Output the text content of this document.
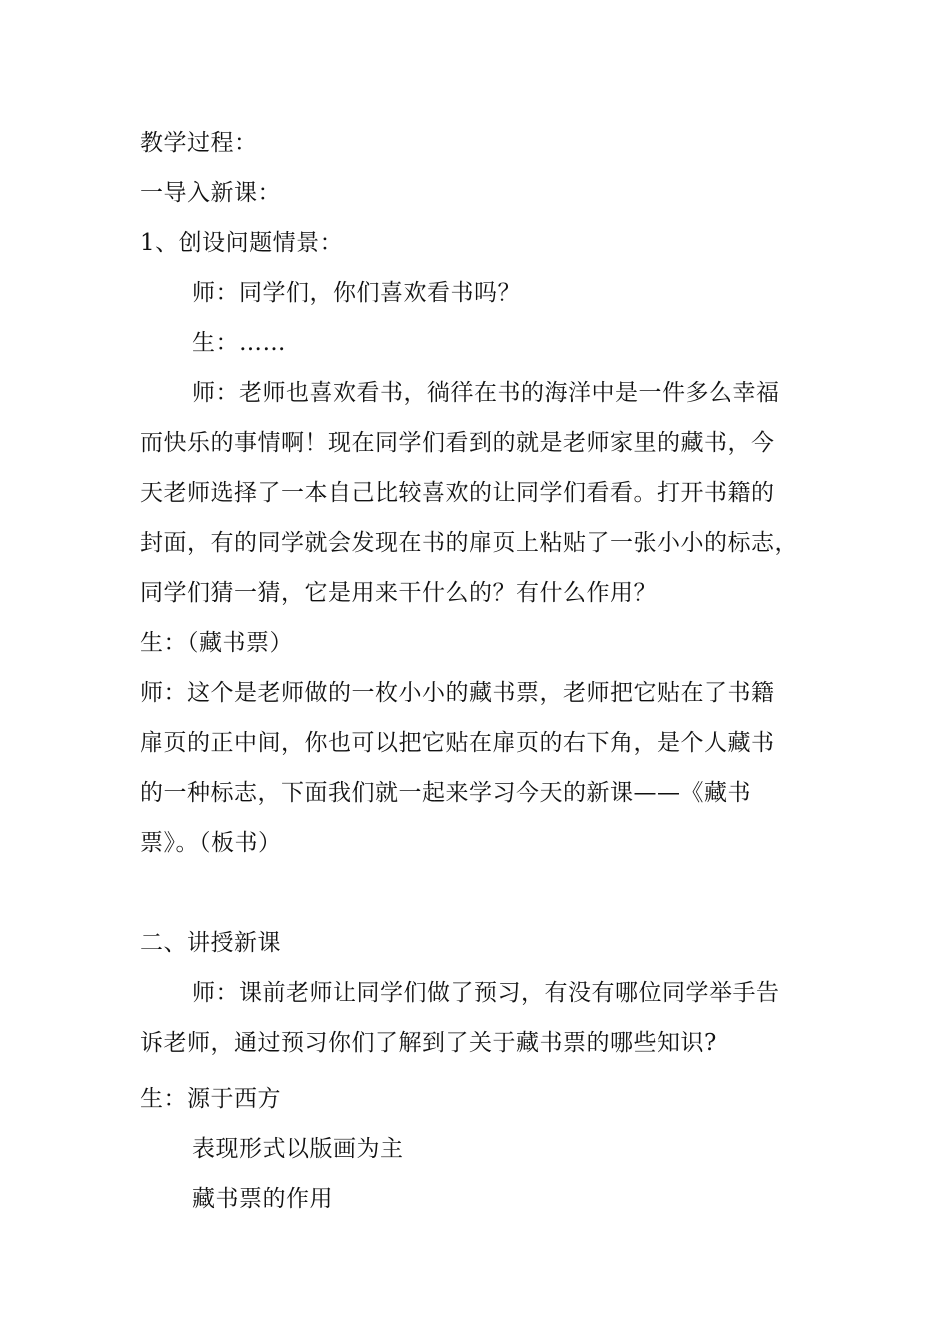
教学过程：
一导入新课：
1、创设问题情景：
师：同学们，你们喜欢看书吗？
生：……
师：老师也喜欢看书，徜徉在书的海洋中是一件多么幸福
而快乐的事情啊！现在同学们看到的就是老师家里的藏书，今
天老师选择了一本自己比较喜欢的让同学们看看。打开书籍的
封面，有的同学就会发现在书的扉页上粘贴了一张小小的标志，
同学们猜一猜，它是用来干什么的？有什么作用？
生：（藏书票）
师：这个是老师做的一枚小小的藏书票，老师把它贴在了书籍
扉页的正中间，你也可以把它贴在扉页的右下角，是个人藏书
的一种标志，下面我们就一起来学习今天的新课——《藏书
票》。（板书）
二、讲授新课
师：课前老师让同学们做了预习，有没有哪位同学举手告
诉老师，通过预习你们了解到了关于藏书票的哪些知识?
生：源于西方
表现形式以版画为主
藏书票的作用
